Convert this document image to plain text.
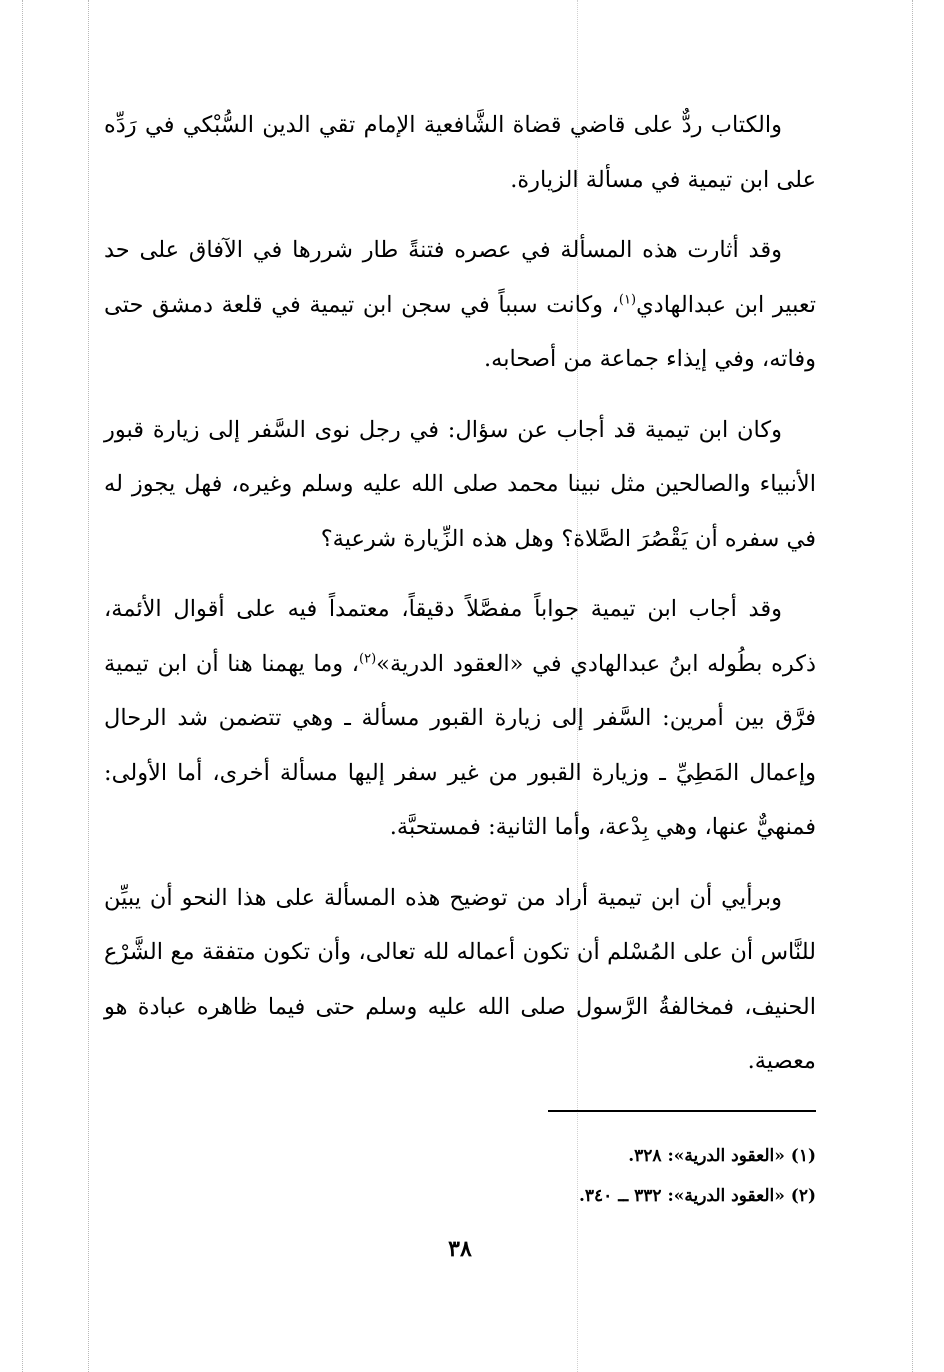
والكتاب ردٌّ على قاضي قضاة الشَّافعية الإمام تقي الدين السُّبْكي في رَدِّه على ابن تيمية في مسألة الزيارة.

وقد أثارت هذه المسألة في عصره فتنةً طار شررها في الآفاق على حد تعبير ابن عبدالهادي$^{(١)}$، وكانت سبباً في سجن ابن تيمية في قلعة دمشق حتى وفاته، وفي إيذاء جماعة من أصحابه.

وكان ابن تيمية قد أجاب عن سؤال: في رجل نوى السَّفر إلى زيارة قبور الأنبياء والصالحين مثل نبينا محمد صلى الله عليه وسلم وغيره، فهل يجوز له في سفره أن يَقْصُرَ الصَّلاة؟ وهل هذه الزِّيارة شرعية؟

وقد أجاب ابن تيمية جواباً مفصَّلاً دقيقاً، معتمداً فيه على أقوال الأئمة، ذكره بطُوله ابنُ عبدالهادي في «العقود الدرية»$^{(٢)}$، وما يهمنا هنا أن ابن تيمية فرَّق بين أمرين: السَّفر إلى زيارة القبور مسألة ـ وهي تتضمن شد الرحال وإعمال المَطِيِّ ـ وزيارة القبور من غير سفر إليها مسألة أخرى، أما الأولى: فمنهيٌّ عنها، وهي بِدْعة، وأما الثانية: فمستحبَّة.

وبرأيي أن ابن تيمية أراد من توضيح هذه المسألة على هذا النحو أن يبيِّن للنَّاس أن على المُسْلم أن تكون أعماله لله تعالى، وأن تكون متفقة مع الشَّرْع الحنيف، فمخالفةُ الرَّسول صلى الله عليه وسلم حتى فيما ظاهره عبادة هو معصية.

(١) «العقود الدرية»: ٣٢٨.

(٢) «العقود الدرية»: ٣٣٢ ــ ٣٤٠.

٣٨
